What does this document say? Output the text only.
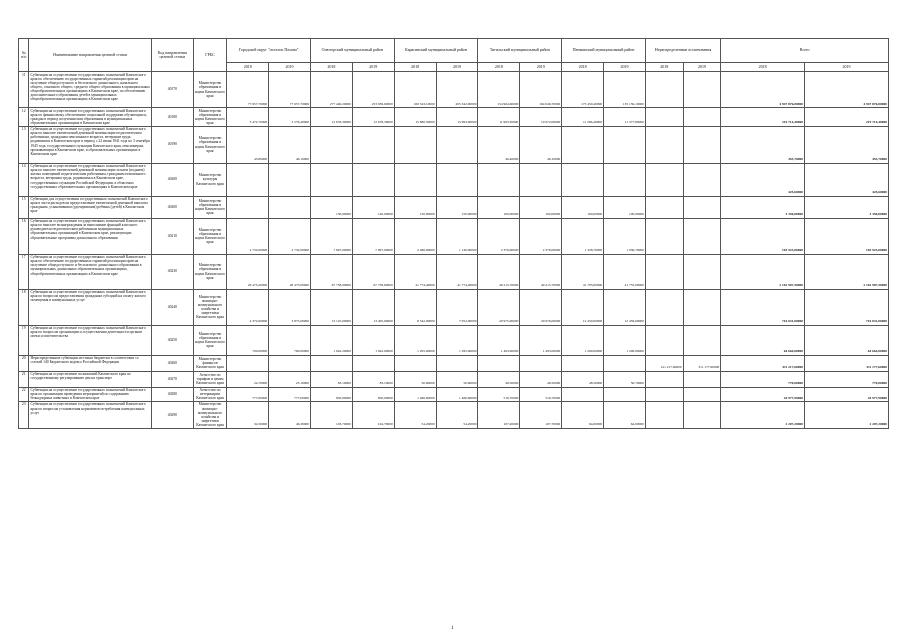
№ п/п	Наименование направления целевой статьи	Код направления целевой статьи	ГРБС	Городской округ "поселок Палана"		Олюторский муниципальный район		Карагинский муниципальный район		Тигильский муниципальный район		Пенжинский муниципальный район		Нераспределенные ассигнования		Всего	
				2018	2019	2018	2019	2018	2019	2018	2019	2018	2019	2018	2019	2018	2019
11	Субвенции на осуществление государственных полномочий Камчатского края по обеспечению государственных гарантий реализации прав на получение общедоступного и бесплатного дошкольного, начального общего, основного общего, среднего общего образования в муниципальных общеобразовательных организациях в Камчатском крае, по обеспечению дополнительного образования детей в муниципальных общеобразовательных организациях в Камчатском крае	40170	Министерство образования и науки Камчатского края	77 657,70000	77 957,70000	277 440,20000	253 939,60000	169 543,10000	205 342,90000	154 964,60000	164 046,70000	175 450,40000	135 159,10000			4 947 876,00000	4 947 876,00000
12	Субвенции на осуществление государственных полномочий Камчатского края по финансовому обеспечению социальной поддержки обучающихся, граждан в период получения ими образования в муниципальных образовательных организациях в Камчатском крае	40180	Министерство образования и науки Камчатского края	3 472,70000	3 576,40000	12 678,30000	12 678,30000	15 880,50000	15 993,00000	11 993,30000	10 672,00000	11 266,40000	11 377,80000			219 714,40000	219 714,40000
13	Субвенции на осуществление государственных полномочий Камчатского края по выплате ежемесячной денежной компенсации педагогическим работникам, гражданам пенсионного возраста, ветеранам труда, родившимся в Камчатском крае в период с 22 июня 1941 года по 3 сентября 1945 года, государственным служащим Камчатского края, пенсионерам, проживающим в Камчатском крае, в образовательных организациях в Камчатском крае	40190	Министерство образования и науки Камчатского края	45,80000	46,10000					46,40000	48,10000					453,70000	453,70000
14	Субвенции на осуществление государственных полномочий Камчатского края по выплате ежемесячной денежной компенсации за наем (поднаем) жилых помещений педагогическим работникам, гражданам пенсионного возраста, ветеранам труда, родившимся в Камчатском крае, государственным служащим Российской Федерации, в областных государственных образовательных организациях в Камчатском крае	40200	Министерство культуры Камчатского края													425,60000	425,60000
15	Субвенции для осуществления государственных полномочий Камчатского края в части расходов на предоставление ежемесячной денежной выплаты гражданам, усыновившим (удочерившим) ребенка (детей) в Камчатском крае	40200	Министерство образования и науки Камчатского края			150,00000	140,00000	150,00000	150,00000	100,00000	100,00000	100,00000	100,00000			3 350,00000	3 350,00000
16	Субвенции на осуществление государственных полномочий Камчатского края по выплате вознаграждения за выполнение функций классного руководителя педагогическим работникам муниципальных образовательных организаций в Камчатском крае, реализующих образовательные программы дошкольного образования	40210	Министерство образования и науки Камчатского края	2 732,00000	2 732,00000	7 697,00000	7 697,00000	2 486,00000	1 140,00000	2 376,00000	2 376,00000	1 328,70000	1 036,70000			103 923,00000	103 923,00000
17	Субвенции на осуществление государственных полномочий Камчатского края по обеспечению государственных гарантий реализации прав на получение общедоступного и бесплатного дошкольного образования в муниципальных дошкольных образовательных организациях, общеобразовательных организациях в Камчатском крае	40230	Министерство образования и науки Камчатского края	29 475,20000	28 475,00000	67 758,00000	67 758,60000	41 774,40000	41 774,40000	49 215,70000	49 215,70000	41 795,00000	41 755,00000			2 162 907,50000	2 162 907,50000
18	Субвенции на осуществление государственных полномочий Камчатского края по вопросам предоставления гражданам субсидий на оплату жилого помещения и коммунальных услуг	40240	Министерство жилищно-коммунального хозяйства и энергетики Камчатского края	4 372,00000	3 875,00000	13 125,00000	13 405,00000	8 542,00000	7 952,00000	20 975,00000	20 976,00000	12 450,00000	12 459,00000			716 031,00000	716 031,00000
19	Субвенции на осуществление государственных полномочий Камчатского края по вопросам организации и осуществления деятельности органов опеки и попечительства	40250	Министерство образования и науки Камчатского края	700,00000	700,00000	1 942,20000	1 942,00000	1 295,00000	1 295,00000	1 493,00000	1 493,00000	1 290,00000	1 290,00000			64 664,00000	64 664,00000
20	Нераспределенные субвенции местным бюджетам в соответствии со статьей 140 Бюджетного кодекса Российской Федерации	40260	Министерство финансов Камчатского края											411 217,60000	311 177,60000	411 217,60000	311 177,60000
21	Субвенции на осуществление полномочий Камчатского края по государственному регулированию цен на транспорт	40270	Агентство по тарифам и ценам Камчатского края	24,70000	25,10000	83,10000	83,10000	50,90000	50,90000	48,50000	48,50000	48,50000	50,70000			770,00000	770,00000
22	Субвенции на осуществление государственных полномочий Камчатского края по организации проведения мероприятий по содержанию безнадзорных животных в Камчатском крае	40280	Агентство по ветеринарии Камчатского края	777,00000	777,00000	850,00000	850,00000	1 486,60000	1 486,60000	516,70000	516,70000					44 977,90000	44 977,90000
23	Субвенции на осуществление государственных полномочий Камчатского края по вопросам установления нормативов потребления коммунальных услуг	40290	Министерство жилищно-коммунального хозяйства и энергетики Камчатского края	34,50000	46,30000	103,70000	104,70000	54,20000	54,20000	107,20000	107,70000	64,00000	64,00000			2 207,20000	2 207,20000
1
